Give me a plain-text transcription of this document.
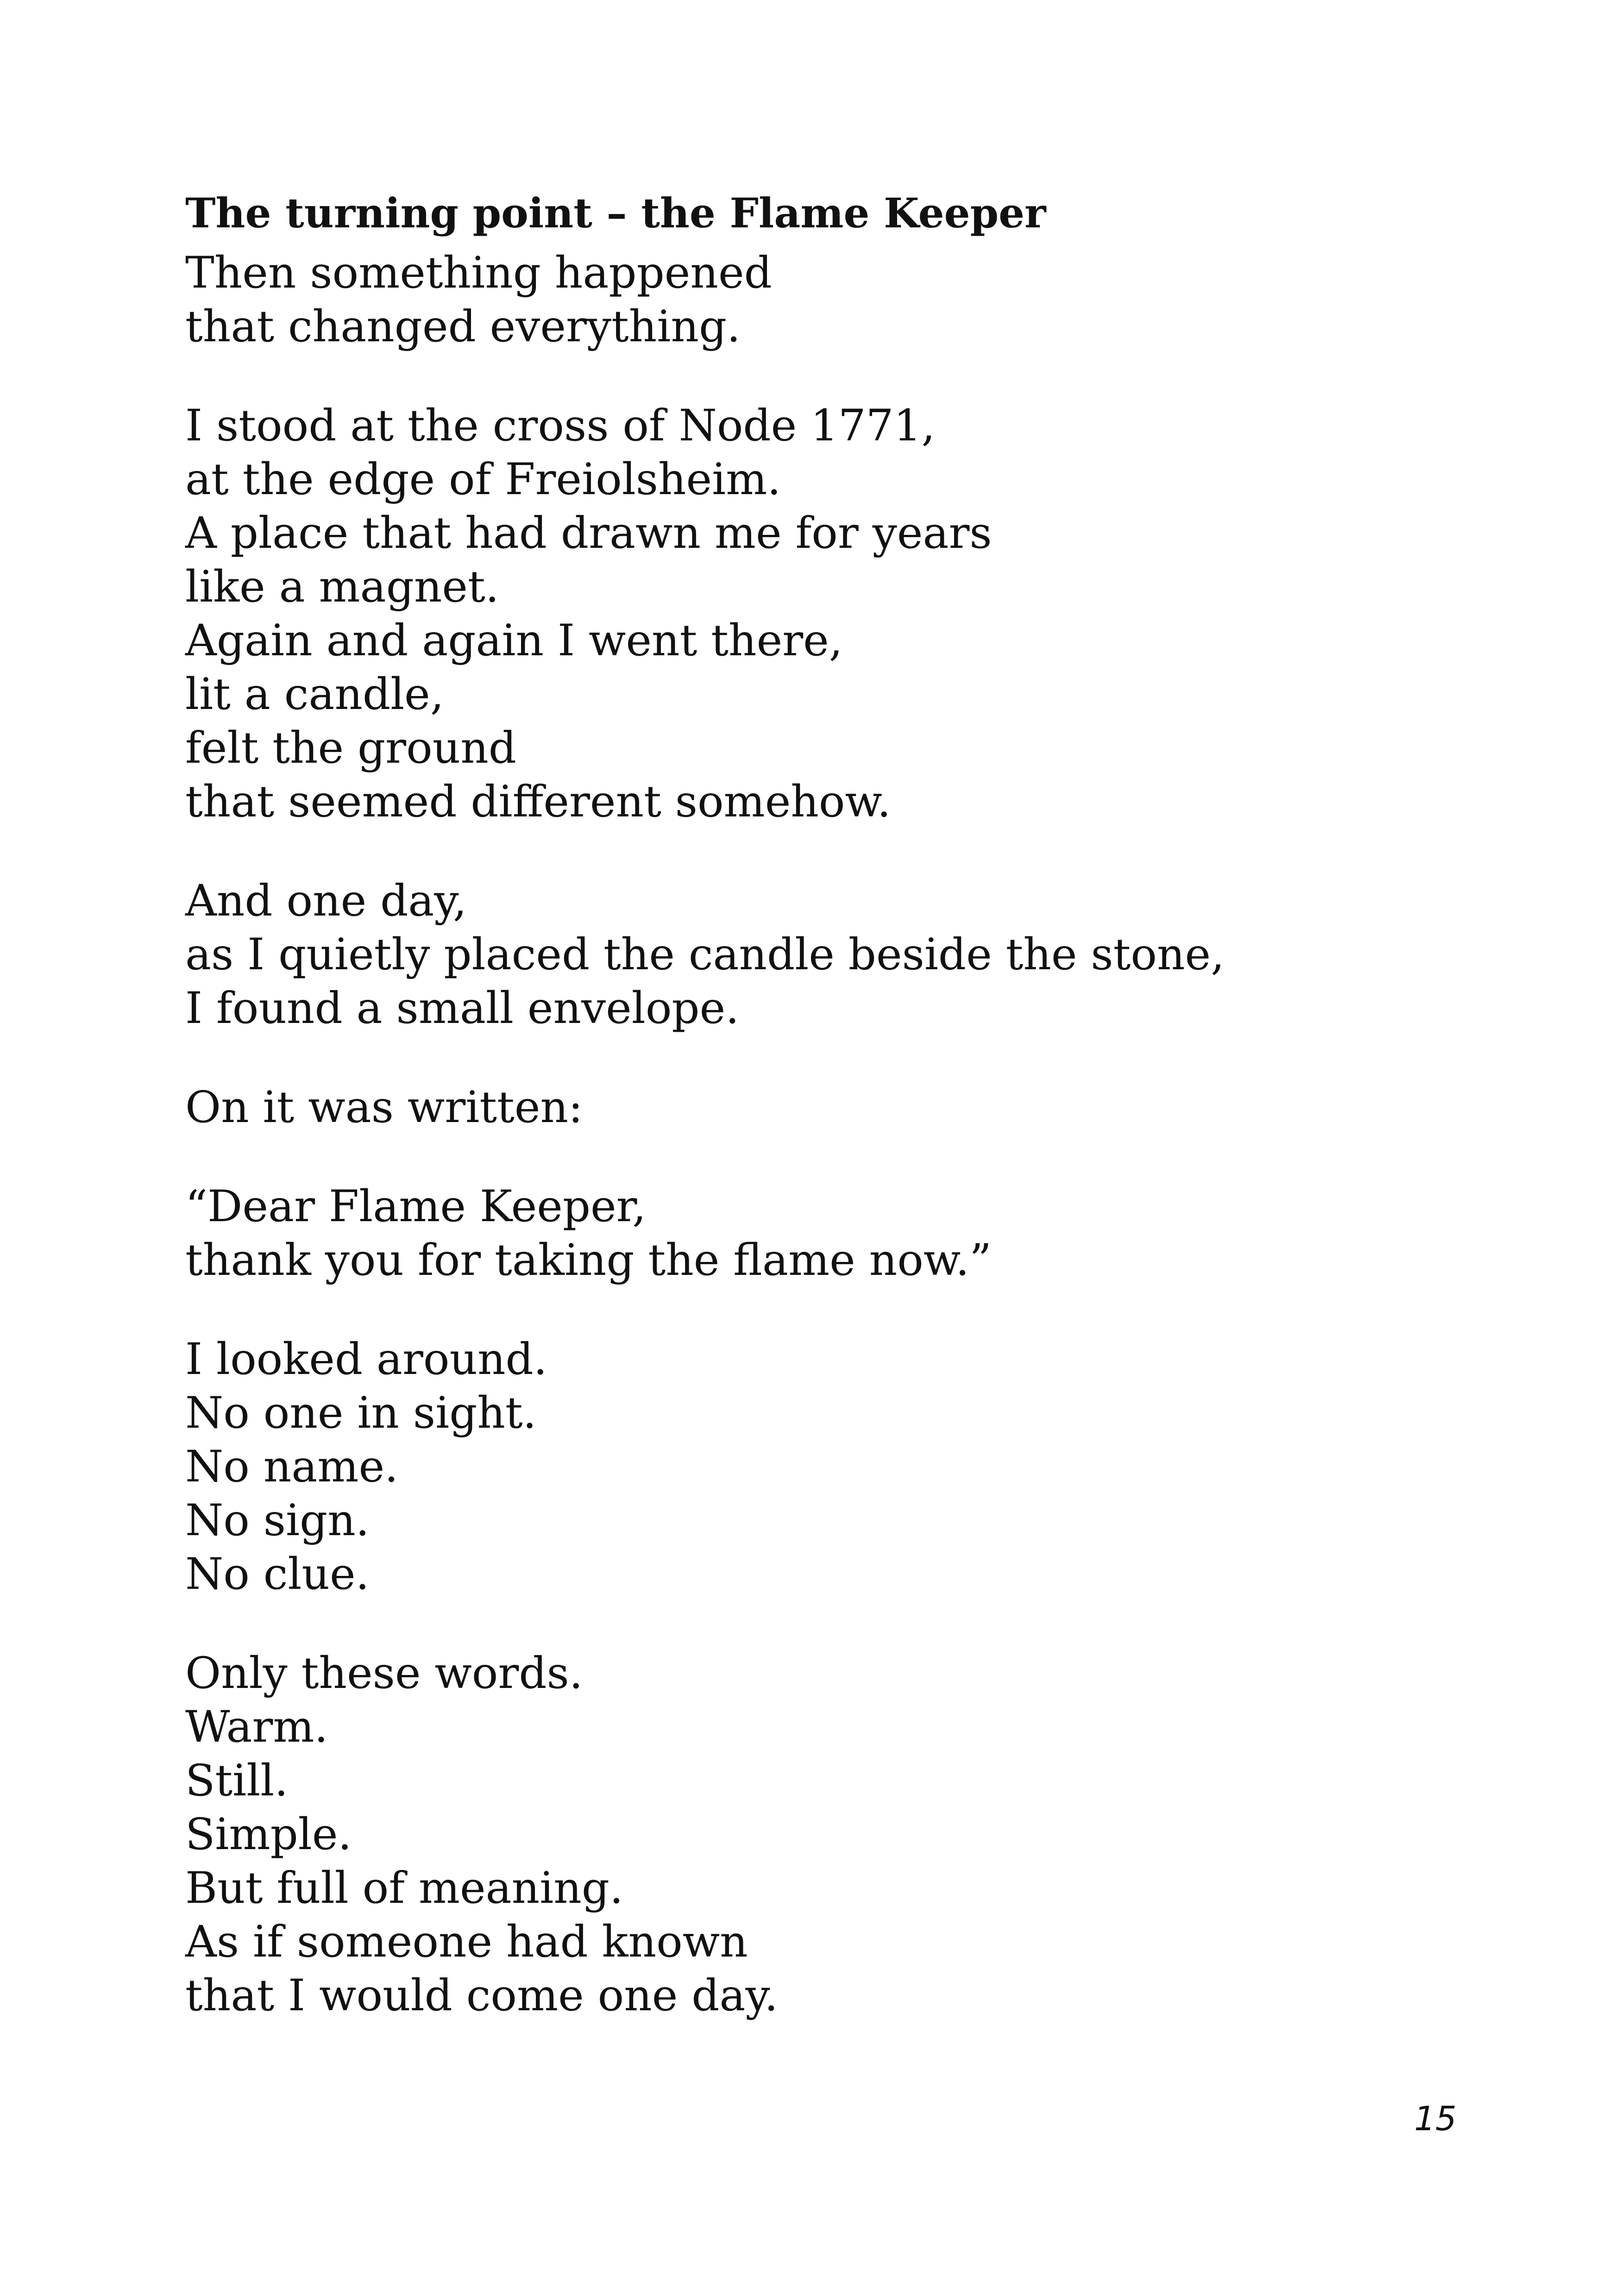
The turning point – the Flame Keeper
Then something happened
that changed everything.
I stood at the cross of Node 1771,
at the edge of Freiolsheim.
A place that had drawn me for years
like a magnet.
Again and again I went there,
lit a candle,
felt the ground
that seemed different somehow.
And one day,
as I quietly placed the candle beside the stone,
I found a small envelope.
On it was written:
“Dear Flame Keeper,
thank you for taking the flame now.”
I looked around.
No one in sight.
No name.
No sign.
No clue.
Only these words.
Warm.
Still.
Simple.
But full of meaning.
As if someone had known
that I would come one day.
15
